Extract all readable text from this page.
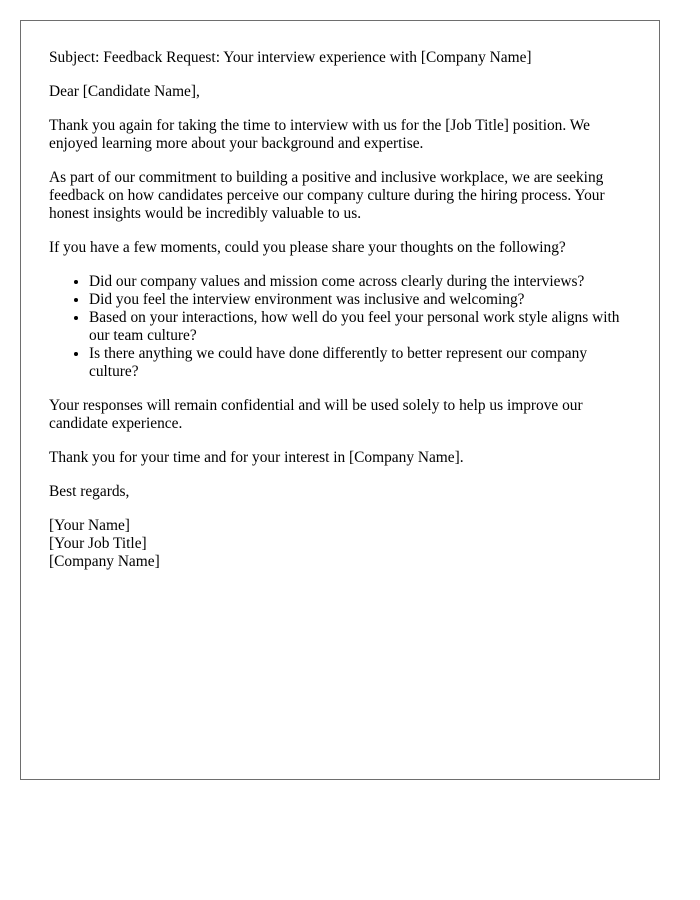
Subject: Feedback Request: Your interview experience with [Company Name]

Dear [Candidate Name],

Thank you again for taking the time to interview with us for the [Job Title] position. We enjoyed learning more about your background and expertise.

As part of our commitment to building a positive and inclusive workplace, we are seeking feedback on how candidates perceive our company culture during the hiring process. Your honest insights would be incredibly valuable to us.

If you have a few moments, could you please share your thoughts on the following?

• Did our company values and mission come across clearly during the interviews?
• Did you feel the interview environment was inclusive and welcoming?
• Based on your interactions, how well do you feel your personal work style aligns with our team culture?
• Is there anything we could have done differently to better represent our company culture?

Your responses will remain confidential and will be used solely to help us improve our candidate experience.

Thank you for your time and for your interest in [Company Name].

Best regards,

[Your Name]
[Your Job Title]
[Company Name]
